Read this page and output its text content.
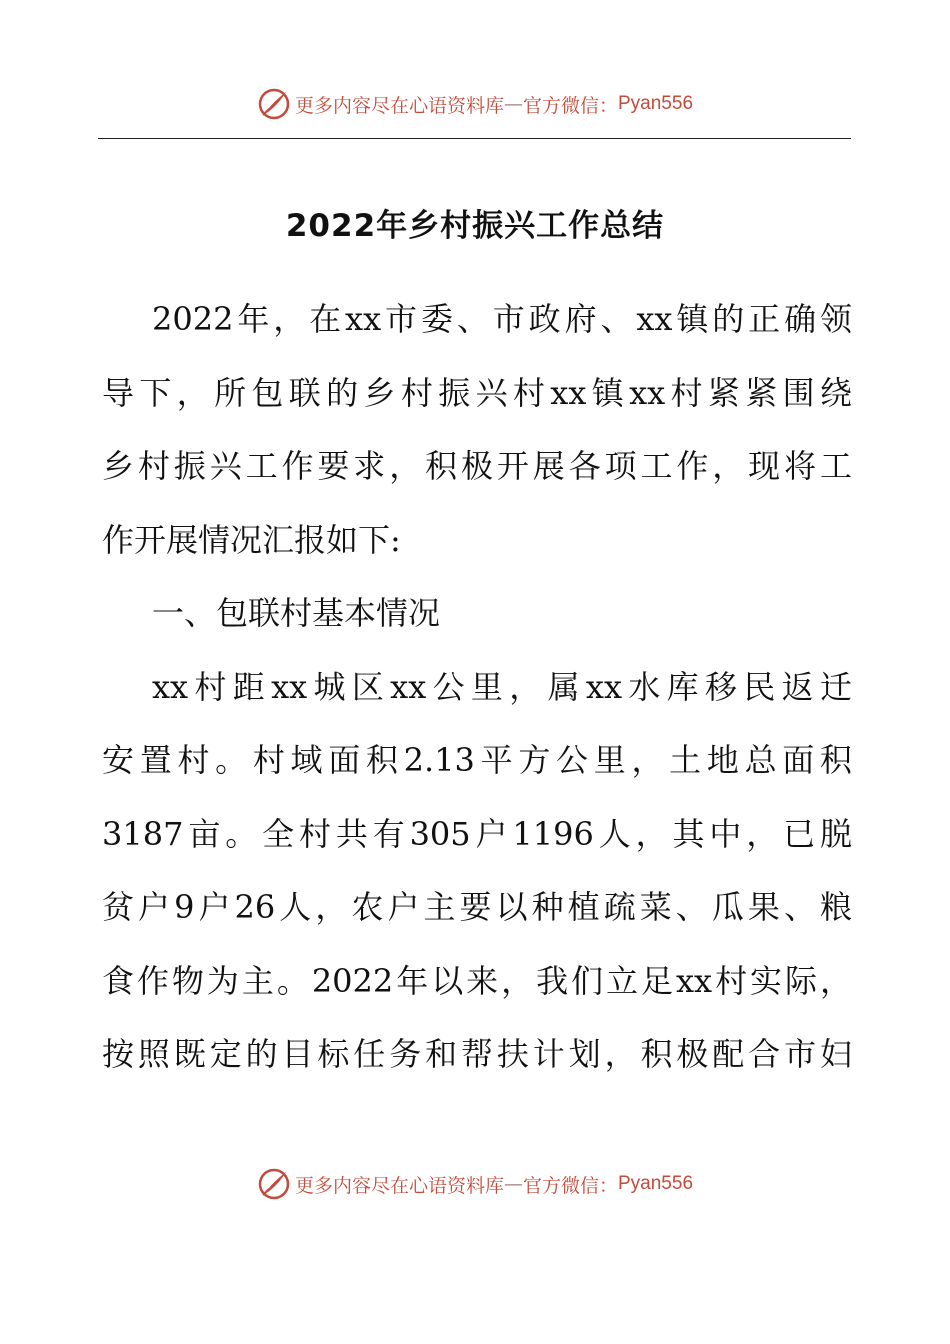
更多内容尽在心语资料库 — 官方微信： Pyan556
2022年乡村振兴工作总结
2022年，在xx市委、市政府、xx镇的正确领
导下，所包联的乡村振兴村xx镇xx村紧紧围绕
乡村振兴工作要求，积极开展各项工作，现将工
作开展情况汇报如下:
一、包联村基本情况
xx村距xx城区xx公里，属xx水库移民返迁
安置村。村域面积2.13平方公里，土地总面积
3187亩。全村共有305户1196人，其中，已脱
贫户9户26人，农户主要以种植疏菜、瓜果、粮
食作物为主。2022年以来，我们立足xx村实际，
按照既定的目标任务和帮扶计划，积极配合市妇
更多内容尽在心语资料库 — 官方微信： Pyan556
